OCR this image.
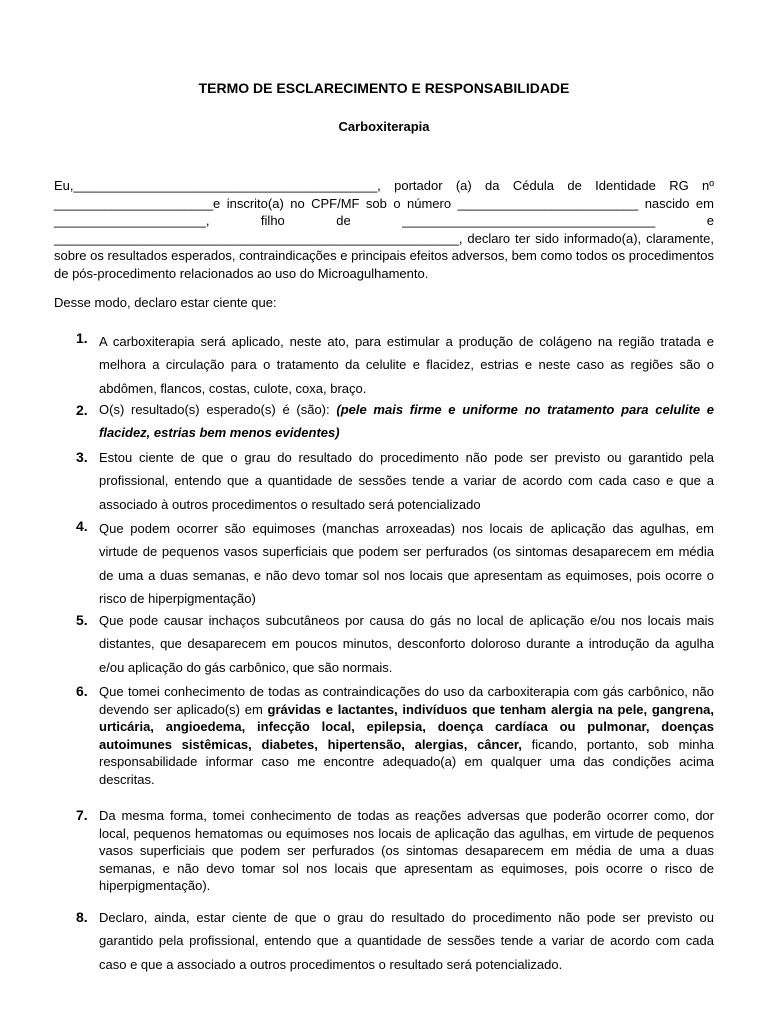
TERMO DE ESCLARECIMENTO E RESPONSABILIDADE
Carboxiterapia

Eu,__________________________________________, portador (a) da Cédula de Identidade RG nº ______________________e inscrito(a) no CPF/MF sob o número _________________________ nascido em _____________________, filho de ___________________________________ e ________________________________________________________, declaro ter sido informado(a), claramente, sobre os resultados esperados, contraindicações e principais efeitos adversos, bem como todos os procedimentos de pós-procedimento relacionados ao uso do Microagulhamento.

Desse modo, declaro estar ciente que:

1. A carboxiterapia será aplicado, neste ato, para estimular a produção de colágeno na região tratada e melhora a circulação para o tratamento da celulite e flacidez, estrias e neste caso as regiões são o abdômen, flancos, costas, culote, coxa, braço.

2. O(s) resultado(s) esperado(s) é (são): (pele mais firme e uniforme no tratamento para celulite e flacidez, estrias bem menos evidentes)

3. Estou ciente de que o grau do resultado do procedimento não pode ser previsto ou garantido pela profissional, entendo que a quantidade de sessões tende a variar de acordo com cada caso e que a associado à outros procedimentos o resultado será potencializado

4. Que podem ocorrer são equimoses (manchas arroxeadas) nos locais de aplicação das agulhas, em virtude de pequenos vasos superficiais que podem ser perfurados (os sintomas desaparecem em média de uma a duas semanas, e não devo tomar sol nos locais que apresentam as equimoses, pois ocorre o risco de hiperpigmentação)

5. Que pode causar inchaços subcutâneos por causa do gás no local de aplicação e/ou nos locais mais distantes, que desaparecem em poucos minutos, desconforto doloroso durante a introdução da agulha e/ou aplicação do gás carbônico, que são normais.

6. Que tomei conhecimento de todas as contraindicações do uso da carboxiterapia com gás carbônico, não devendo ser aplicado(s) em grávidas e lactantes, indivíduos que tenham alergia na pele, gangrena, urticária, angioedema, infecção local, epilepsia, doença cardíaca ou pulmonar, doenças autoimunes sistêmicas, diabetes, hipertensão, alergias, câncer, ficando, portanto, sob minha responsabilidade informar caso me encontre adequado(a) em qualquer uma das condições acima descritas.

7. Da mesma forma, tomei conhecimento de todas as reações adversas que poderão ocorrer como, dor local, pequenos hematomas ou equimoses nos locais de aplicação das agulhas, em virtude de pequenos vasos superficiais que podem ser perfurados (os sintomas desaparecem em média de uma a duas semanas, e não devo tomar sol nos locais que apresentam as equimoses, pois ocorre o risco de hiperpigmentação).

8. Declaro, ainda, estar ciente de que o grau do resultado do procedimento não pode ser previsto ou garantido pela profissional, entendo que a quantidade de sessões tende a variar de acordo com cada caso e que a associado a outros procedimentos o resultado será potencializado.
